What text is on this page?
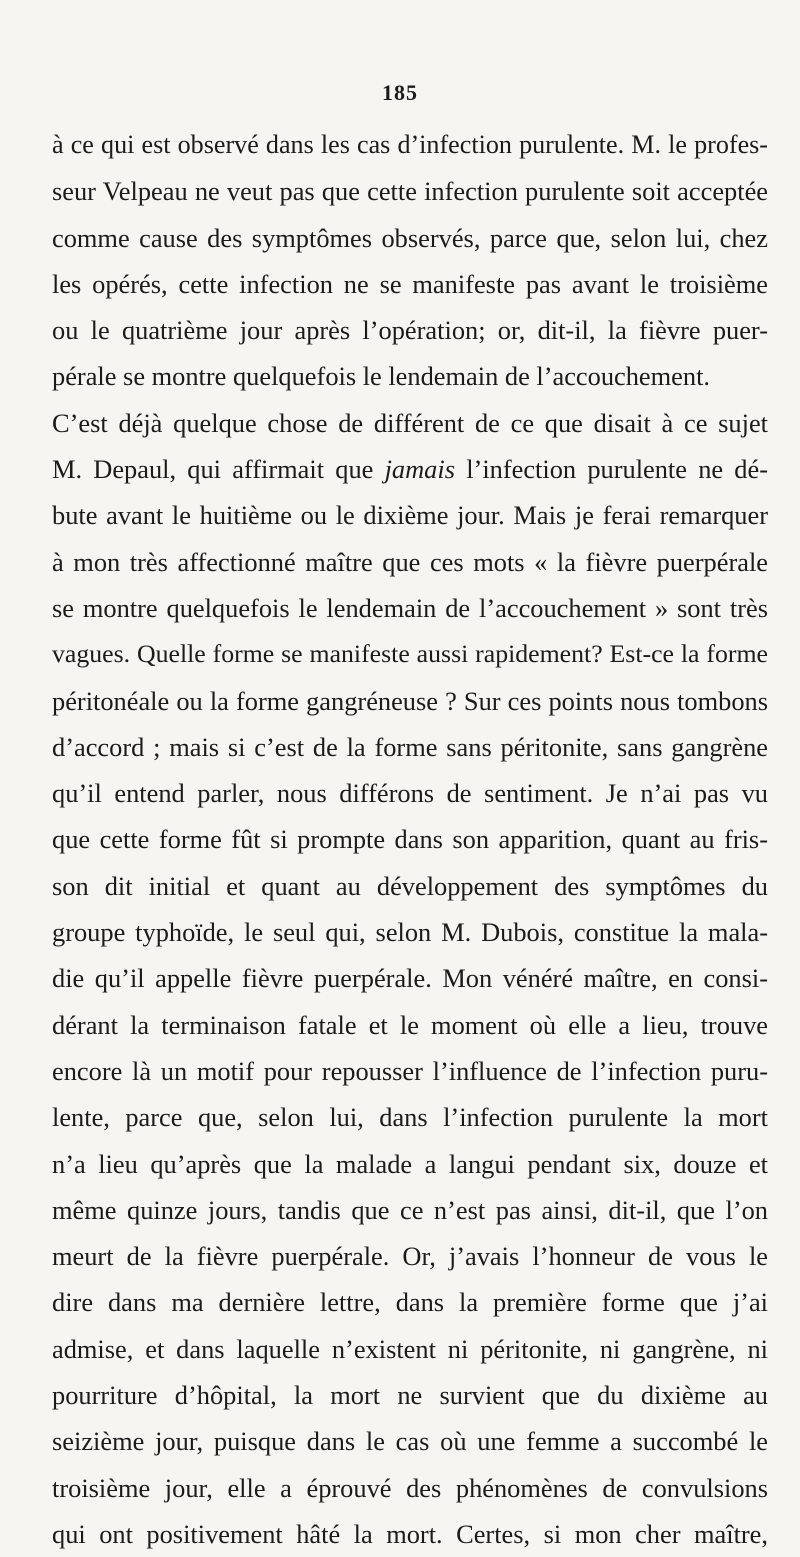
185
à ce qui est observé dans les cas d’infection purulente. M. le profes-
seur Velpeau ne veut pas que cette infection purulente soit acceptée
comme cause des symptômes observés, parce que, selon lui, chez
les opérés, cette infection ne se manifeste pas avant le troisième
ou le quatrième jour après l’opération; or, dit-il, la fièvre puer-
pérale se montre quelquefois le lendemain de l’accouchement.
C’est déjà quelque chose de différent de ce que disait à ce sujet
M. Depaul, qui affirmait que jamais l’infection purulente ne dé-
bute avant le huitième ou le dixième jour. Mais je ferai remarquer
à mon très affectionné maître que ces mots « la fièvre puerpérale
se montre quelquefois le lendemain de l’accouchement » sont très
vagues. Quelle forme se manifeste aussi rapidement? Est-ce la forme
péritonéale ou la forme gangréneuse ? Sur ces points nous tombons
d’accord ; mais si c’est de la forme sans péritonite, sans gangrène
qu’il entend parler, nous différons de sentiment. Je n’ai pas vu
que cette forme fût si prompte dans son apparition, quant au fris-
son dit initial et quant au développement des symptômes du
groupe typhoïde, le seul qui, selon M. Dubois, constitue la mala-
die qu’il appelle fièvre puerpérale. Mon vénéré maître, en consi-
dérant la terminaison fatale et le moment où elle a lieu, trouve
encore là un motif pour repousser l’influence de l’infection puru-
lente, parce que, selon lui, dans l’infection purulente la mort
n’a lieu qu’après que la malade a langui pendant six, douze et
même quinze jours, tandis que ce n’est pas ainsi, dit-il, que l’on
meurt de la fièvre puerpérale. Or, j’avais l’honneur de vous le
dire dans ma dernière lettre, dans la première forme que j’ai
admise, et dans laquelle n’existent ni péritonite, ni gangrène, ni
pourriture d’hôpital, la mort ne survient que du dixième au
seizième jour, puisque dans le cas où une femme a succombé le
troisième jour, elle a éprouvé des phénomènes de convulsions
qui ont positivement hâté la mort. Certes, si mon cher maître,
